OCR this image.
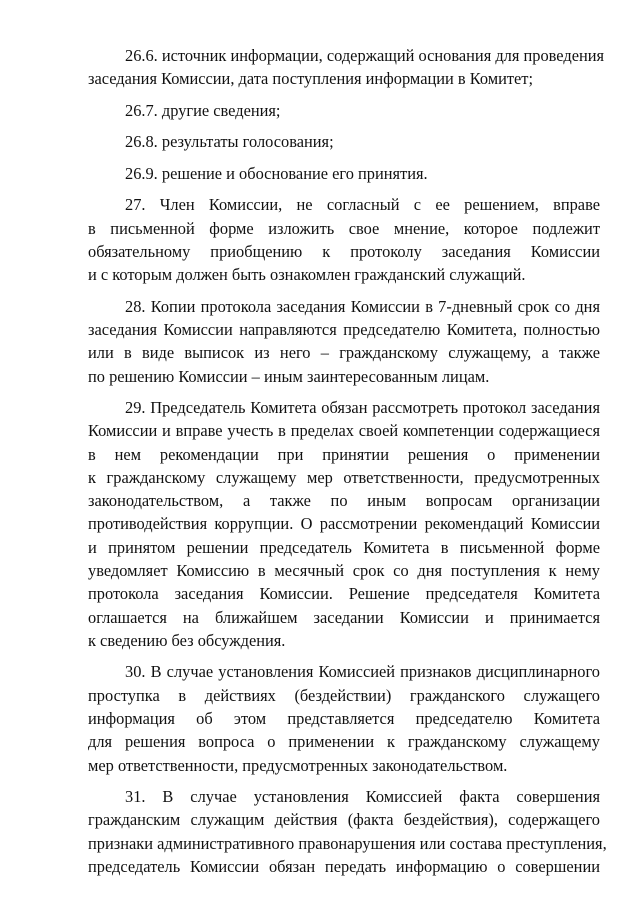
26.6. источник информации, содержащий основания для проведения
заседания Комиссии, дата поступления информации в Комитет;
26.7. другие сведения;
26.8. результаты голосования;
26.9. решение и обоснование его принятия.
27. Член Комиссии, не согласный с ее решением, вправе
в письменной форме изложить свое мнение, которое подлежит
обязательному приобщению к протоколу заседания Комиссии
и с которым должен быть ознакомлен гражданский служащий.
28. Копии протокола заседания Комиссии в 7-дневный срок со дня
заседания Комиссии направляются председателю Комитета, полностью
или в виде выписок из него – гражданскому служащему, а также
по решению Комиссии – иным заинтересованным лицам.
29. Председатель Комитета обязан рассмотреть протокол заседания
Комиссии и вправе учесть в пределах своей компетенции содержащиеся
в нем рекомендации при принятии решения о применении
к гражданскому служащему мер ответственности, предусмотренных
законодательством, а также по иным вопросам организации
противодействия коррупции. О рассмотрении рекомендаций Комиссии
и принятом решении председатель Комитета в письменной форме
уведомляет Комиссию в месячный срок со дня поступления к нему
протокола заседания Комиссии. Решение председателя Комитета
оглашается на ближайшем заседании Комиссии и принимается
к сведению без обсуждения.
30. В случае установления Комиссией признаков дисциплинарного
проступка в действиях (бездействии) гражданского служащего
информация об этом представляется председателю Комитета
для решения вопроса о применении к гражданскому служащему
мер ответственности, предусмотренных законодательством.
31. В случае установления Комиссией факта совершения
гражданским служащим действия (факта бездействия), содержащего
признаки административного правонарушения или состава преступления,
председатель Комиссии обязан передать информацию о совершении
